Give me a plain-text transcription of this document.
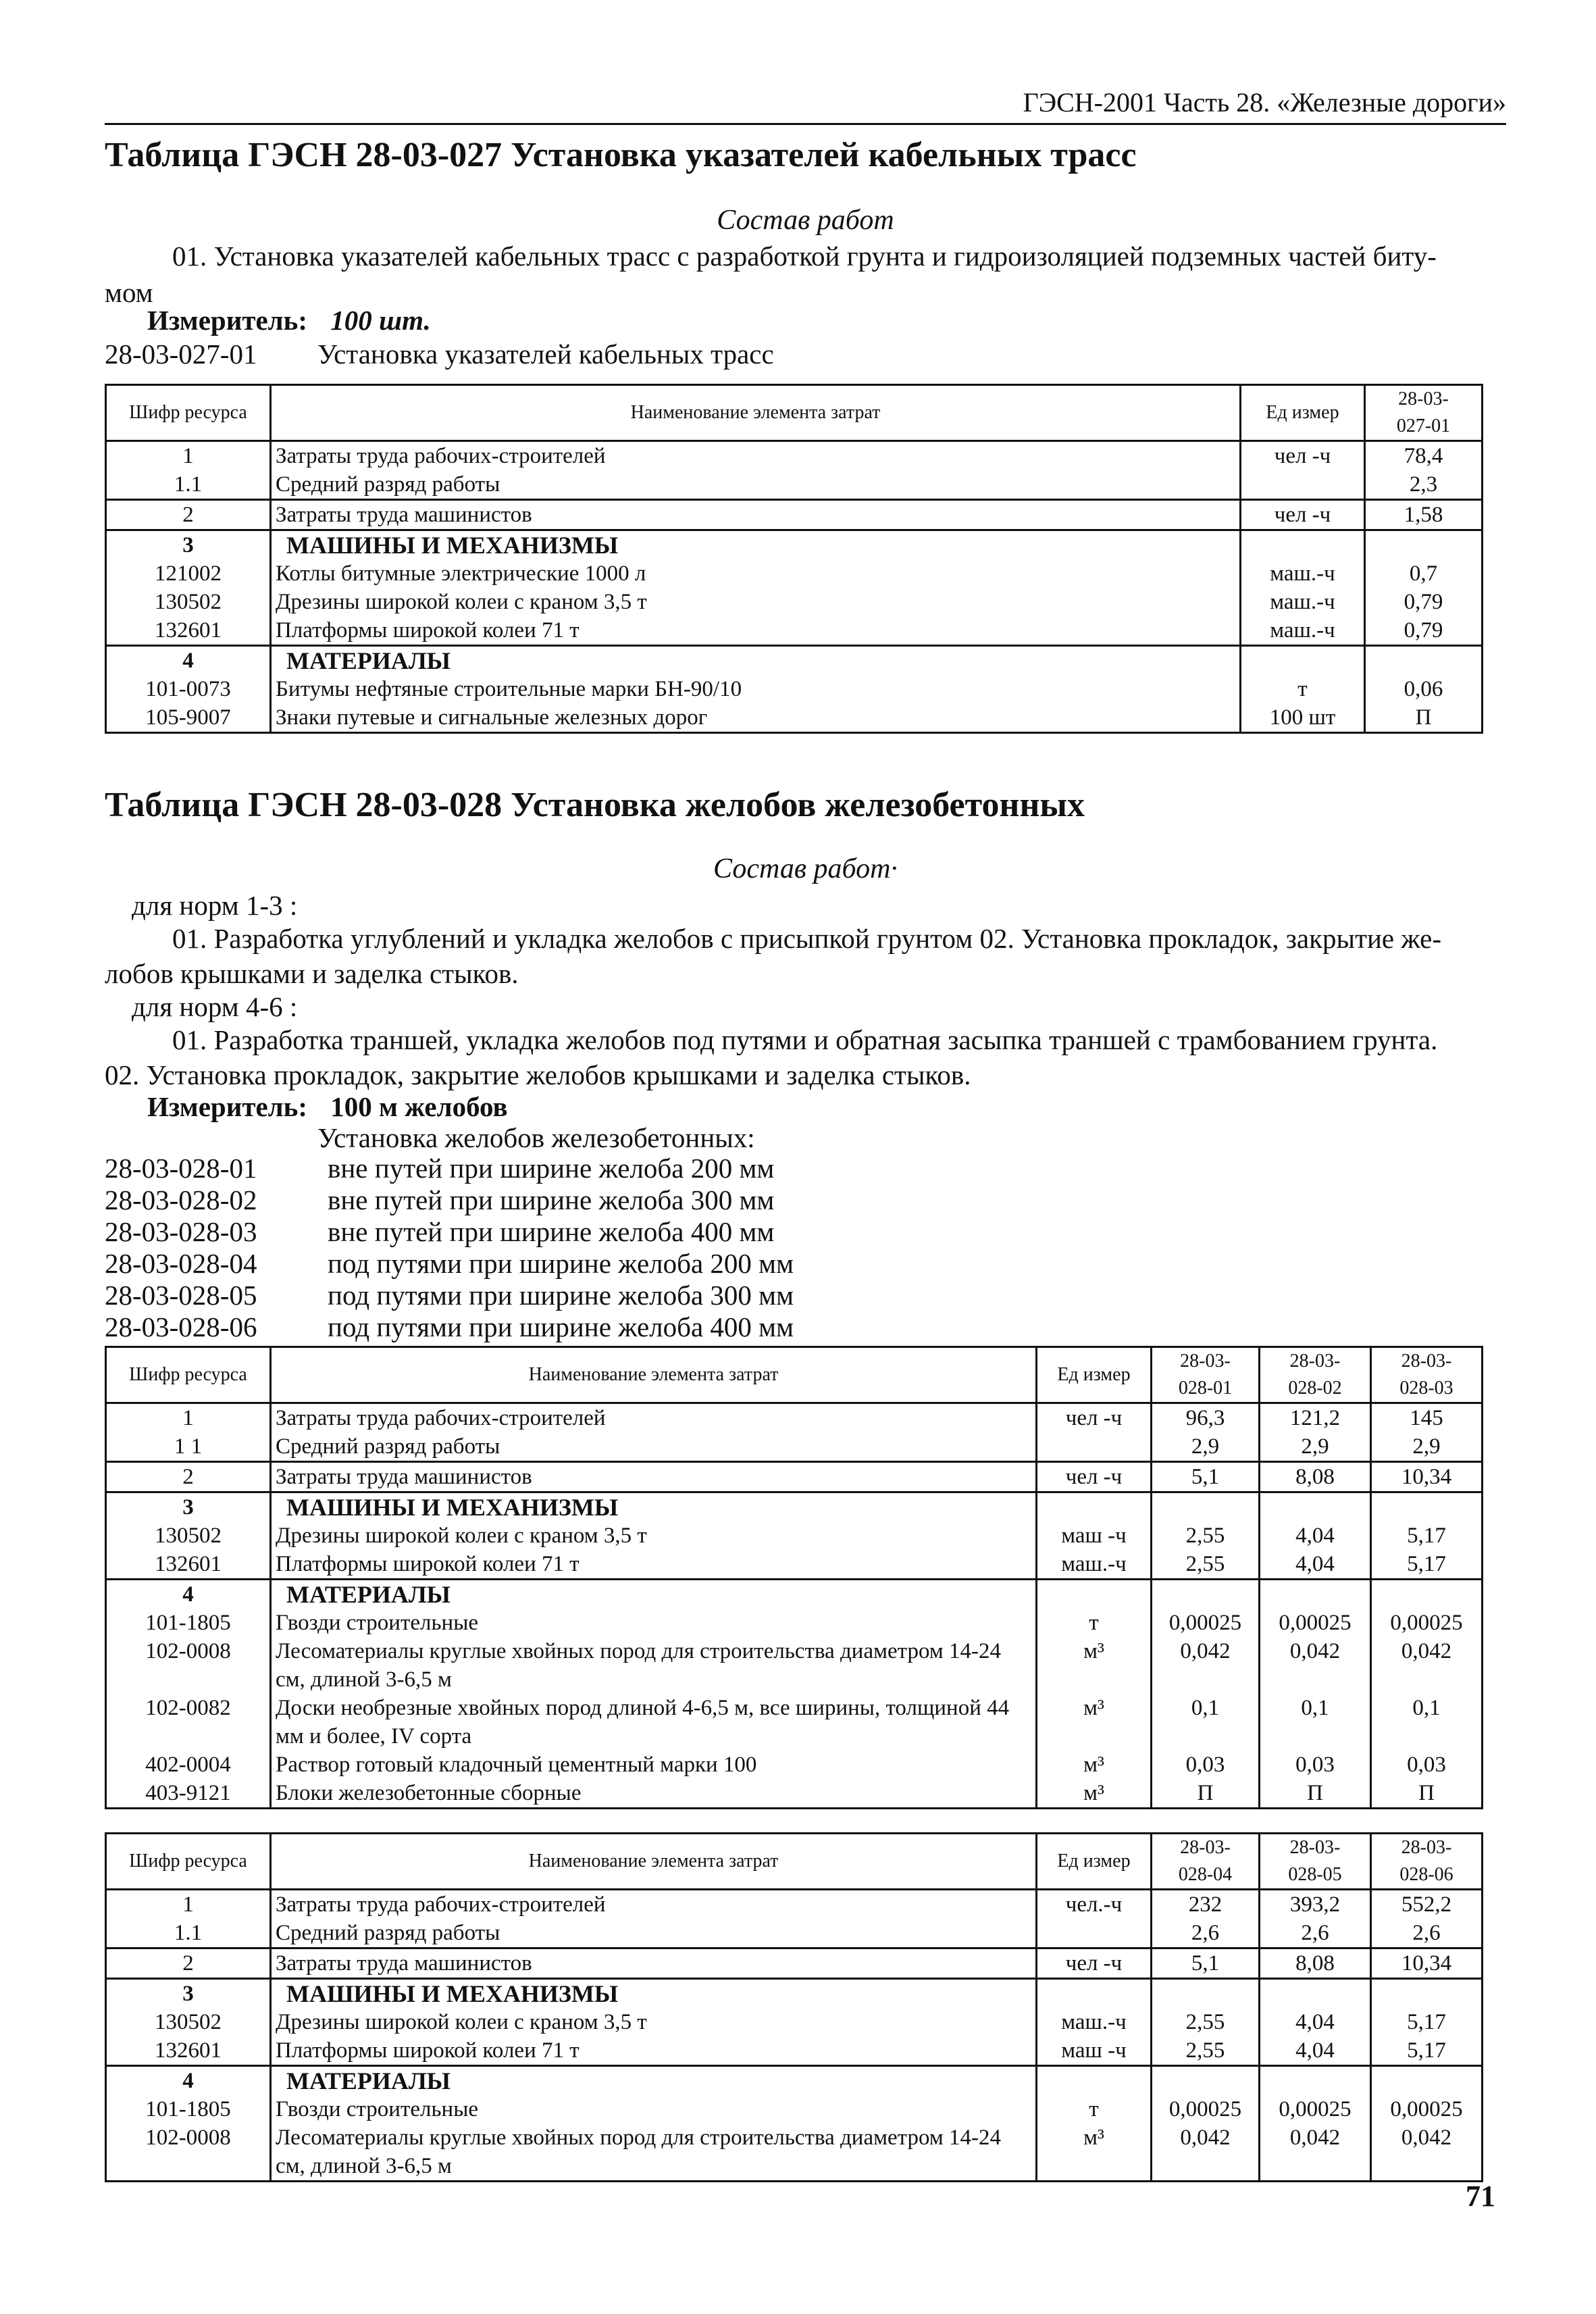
ГЭСН-2001 Часть 28. «Железные дороги»
Таблица ГЭСН 28-03-027 Установка указателей кабельных трасс
Состав работ
01. Установка указателей кабельных трасс с разработкой грунта и гидроизоляцией подземных частей биту-
мом
Измеритель: 100 шт.
28-03-027-01 Установка указателей кабельных трасс
Шифр ресурса	Наименование элемента затрат	Ед измер	28-03-
027-01
1	Затраты труда рабочих-строителей	чел -ч	78,4
1.1	Средний разряд работы		2,3
2	Затраты труда машинистов	чел -ч	1,58
3	МАШИНЫ И МЕХАНИЗМЫ		
121002	Котлы битумные электрические 1000 л	маш.-ч	0,7
130502	Дрезины широкой колеи с краном 3,5 т	маш.-ч	0,79
132601	Платформы широкой колеи 71 т	маш.-ч	0,79
4	МАТЕРИАЛЫ		
101-0073	Битумы нефтяные строительные марки БН-90/10	т	0,06
105-9007	Знаки путевые и сигнальные железных дорог	100 шт	П
Таблица ГЭСН 28-03-028 Установка желобов железобетонных
Состав работ·
для норм 1-3 :
01. Разработка углублений и укладка желобов с присыпкой грунтом 02. Установка прокладок, закрытие же-
лобов крышками и заделка стыков.
для норм 4-6 :
01. Разработка траншей, укладка желобов под путями и обратная засыпка траншей с трамбованием грунта.
02. Установка прокладок, закрытие желобов крышками и заделка стыков.
Измеритель: 100 м желобов
Установка желобов железобетонных:
28-03-028-01	вне путей при ширине желоба 200 мм
28-03-028-02	вне путей при ширине желоба 300 мм
28-03-028-03	вне путей при ширине желоба 400 мм
28-03-028-04	под путями при ширине желоба 200 мм
28-03-028-05	под путями при ширине желоба 300 мм
28-03-028-06	под путями при ширине желоба 400 мм
Шифр ресурса	Наименование элемента затрат	Ед измер	28-03-
028-01	28-03-
028-02	28-03-
028-03
1	Затраты труда рабочих-строителей	чел -ч	96,3	121,2	145
1 1	Средний разряд работы		2,9	2,9	2,9
2	Затраты труда машинистов	чел -ч	5,1	8,08	10,34
3	МАШИНЫ И МЕХАНИЗМЫ				
130502	Дрезины широкой колеи с краном 3,5 т	маш -ч	2,55	4,04	5,17
132601	Платформы широкой колеи 71 т	маш.-ч	2,55	4,04	5,17
4	МАТЕРИАЛЫ				
101-1805	Гвозди строительные	т	0,00025	0,00025	0,00025
102-0008	Лесоматериалы круглые хвойных пород для строительства диаметром 14-24 см, длиной 3-6,5 м	м³	0,042	0,042	0,042
102-0082	Доски необрезные хвойных пород длиной 4-6,5 м, все ширины, толщиной 44 мм и более, IV сорта	м³	0,1	0,1	0,1
402-0004	Раствор готовый кладочный цементный марки 100	м³	0,03	0,03	0,03
403-9121	Блоки железобетонные сборные	м³	П	П	П
Шифр ресурса	Наименование элемента затрат	Ед измер	28-03-
028-04	28-03-
028-05	28-03-
028-06
1	Затраты труда рабочих-строителей	чел.-ч	232	393,2	552,2
1.1	Средний разряд работы		2,6	2,6	2,6
2	Затраты труда машинистов	чел -ч	5,1	8,08	10,34
3	МАШИНЫ И МЕХАНИЗМЫ				
130502	Дрезины широкой колеи с краном 3,5 т	маш.-ч	2,55	4,04	5,17
132601	Платформы широкой колеи 71 т	маш -ч	2,55	4,04	5,17
4	МАТЕРИАЛЫ				
101-1805	Гвозди строительные	т	0,00025	0,00025	0,00025
102-0008	Лесоматериалы круглые хвойных пород для строительства диаметром 14-24 см, длиной 3-6,5 м	м³	0,042	0,042	0,042
71
